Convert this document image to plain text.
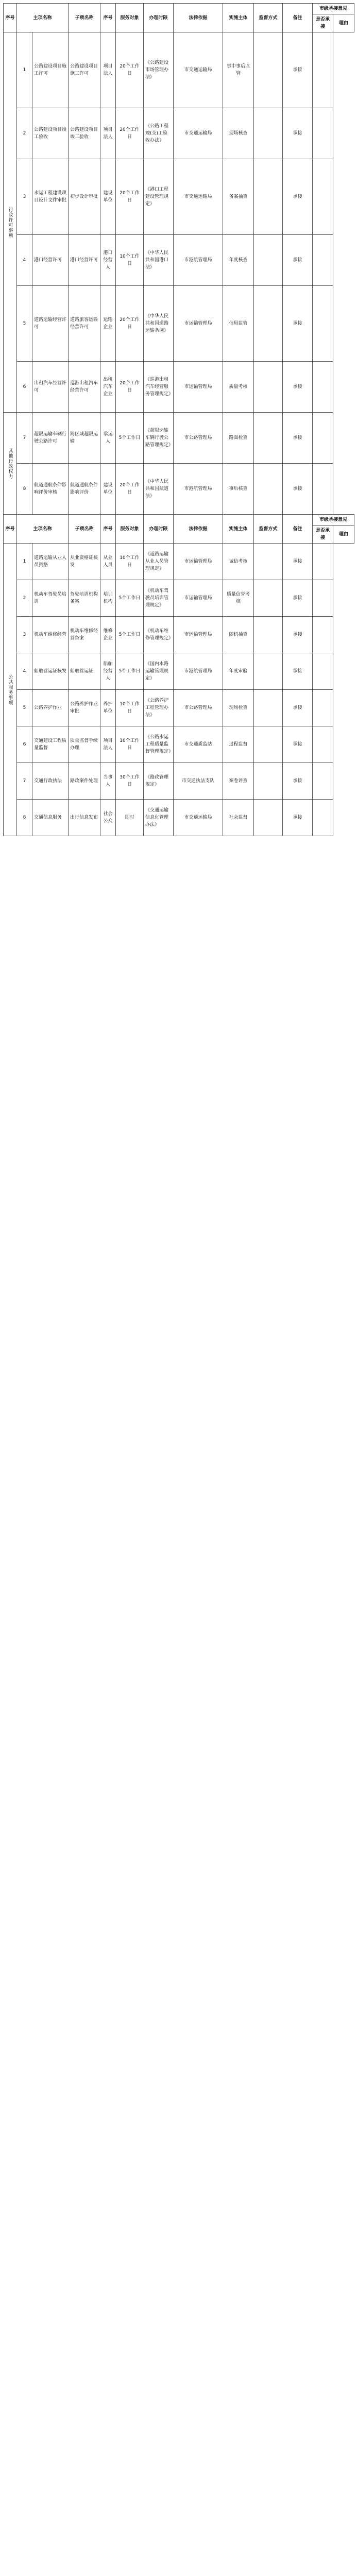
序号	主项名称		子项名称	序号	服务对象	办理时限	法律依据	实施主体	监督方式	备注	市级承接意见	
											是否承接	理由
行政许可事项	1	公路建设项目施工许可	公路建设项目施工许可	项目法人	20个工作日	《公路建设市场管理办法》	市交通运输局	事中事后监管		承接		
	2	公路建设项目竣工验收	公路建设项目竣工验收	项目法人	20个工作日	《公路工程竣(交)工验收办法》	市交通运输局	现场核查		承接		
	3	水运工程建设项目设计文件审批	初步设计审批	建设单位	20个工作日	《港口工程建设管理规定》	市交通运输局	备案抽查		承接		
	4	港口经营许可	港口经营许可	港口经营人	10个工作日	《中华人民共和国港口法》	市港航管理局	年度核查		承接		
	5	道路运输经营许可	道路旅客运输经营许可	运输企业	20个工作日	《中华人民共和国道路运输条例》	市运输管理局	信用监管		承接		
	6	出租汽车经营许可	巡游出租汽车经营许可	出租汽车企业	20个工作日	《巡游出租汽车经营服务管理规定》	市运输管理局	质量考核		承接		
其他行政权力	7	超限运输车辆行驶公路许可	跨区域超限运输	承运人	5个工作日	《超限运输车辆行驶公路管理规定》	市公路管理局	路面检查		承接		
	8	航道通航条件影响评价审核	航道通航条件影响评价	建设单位	20个工作日	《中华人民共和国航道法》	市港航管理局	事后核查		承接		
序号	主项名称		子项名称	序号	服务对象	办理时限	法律依据	实施主体	监督方式	备注	市级承接意见	
											是否承接	理由
公共服务事项	1	道路运输从业人员资格	从业资格证核发	从业人员	10个工作日	《道路运输从业人员管理规定》	市运输管理局	诚信考核		承接		
	2	机动车驾驶员培训	驾驶培训机构备案	培训机构	5个工作日	《机动车驾驶员培训管理规定》	市运输管理局	质量信誉考核		承接		
	3	机动车维修经营	机动车维修经营备案	维修企业	5个工作日	《机动车维修管理规定》	市运输管理局	随机抽查		承接		
	4	船舶营运证核发	船舶营运证	船舶经营人	5个工作日	《国内水路运输管理规定》	市港航管理局	年度审验		承接		
	5	公路养护作业	公路养护作业审批	养护单位	10个工作日	《公路养护工程管理办法》	市公路管理局	现场检查		承接		
	6	交通建设工程质量监督	质量监督手续办理	项目法人	10个工作日	《公路水运工程质量监督管理规定》	市交通质监站	过程监督		承接		
	7	交通行政执法	路政案件处理	当事人	30个工作日	《路政管理规定》	市交通执法支队	案卷评查		承接		
	8	交通信息服务	出行信息发布	社会公众	即时	《交通运输信息化管理办法》	市交通运输局	社会监督		承接		
